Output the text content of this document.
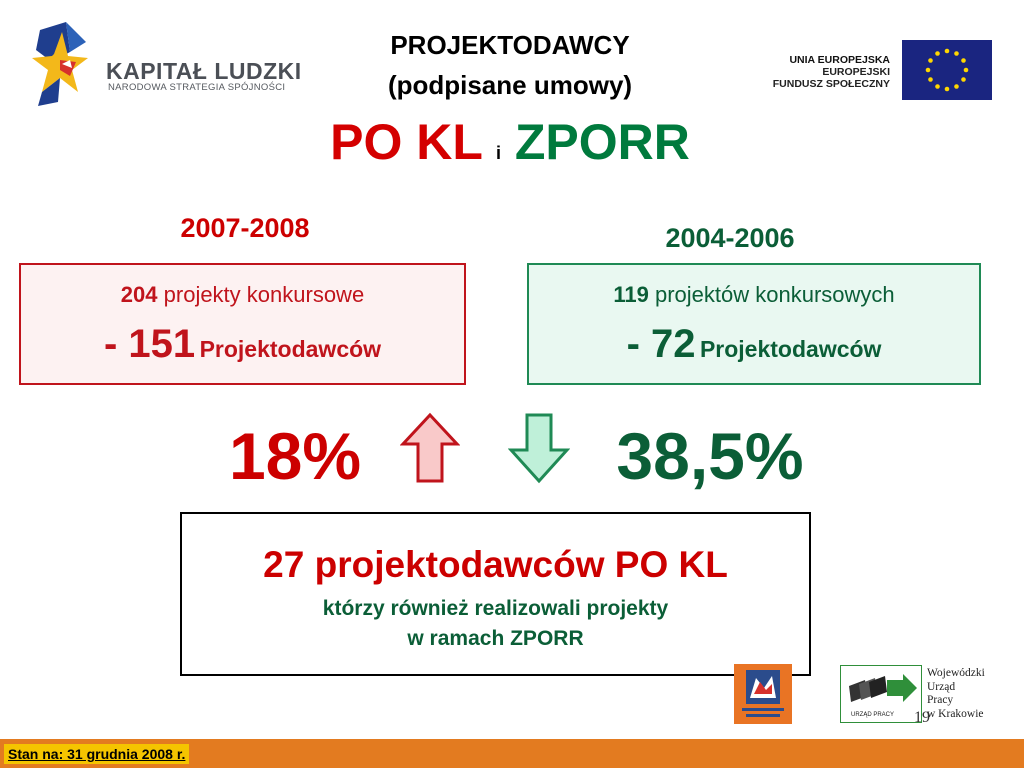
KAPITAŁ LUDZKI
NARODOWA STRATEGIA SPÓJNOŚCI
PROJEKTODAWCY
(podpisane umowy)
PO KL i ZPORR
UNIA EUROPEJSKA
EUROPEJSKI
FUNDUSZ SPOŁECZNY
2007-2008	2004-2006
204 projekty konkursowe
- 151 Projektodawców
119 projektów konkursowych
- 72 Projektodawców
18%	38,5%
27 projektodawców PO KL
którzy również realizowali projekty
w ramach ZPORR
URZĄD PRACY
Wojewódzki
Urząd
Pracy
w Krakowie
19
Stan na: 31 grudnia 2008 r.
